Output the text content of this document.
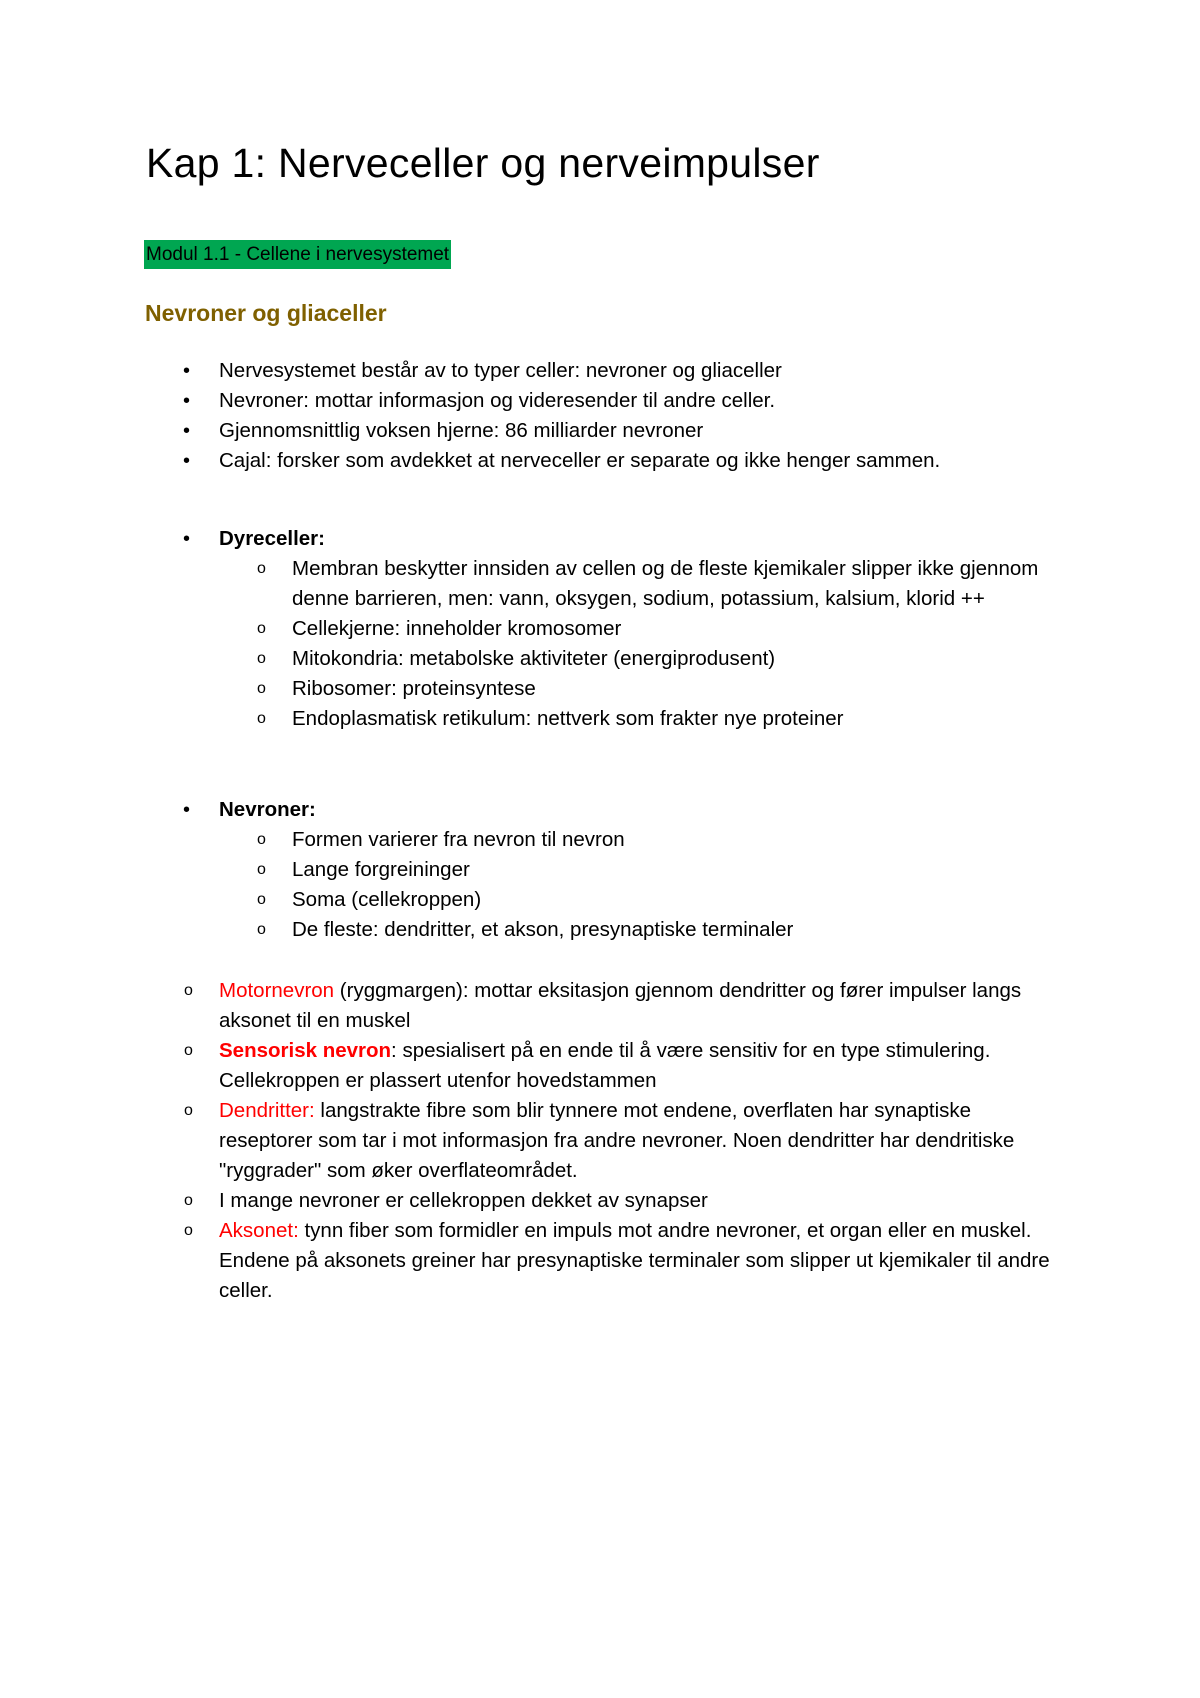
Kap 1: Nerveceller og nerveimpulser
Modul 1.1 - Cellene i nervesystemet
Nevroner og gliaceller
• Nervesystemet består av to typer celler: nevroner og gliaceller
• Nevroner: mottar informasjon og videresender til andre celler.
• Gjennomsnittlig voksen hjerne: 86 milliarder nevroner
• Cajal: forsker som avdekket at nerveceller er separate og ikke henger sammen.
• Dyreceller:
o Membran beskytter innsiden av cellen og de fleste kjemikaler slipper ikke gjennom denne barrieren, men: vann, oksygen, sodium, potassium, kalsium, klorid ++
o Cellekjerne: inneholder kromosomer
o Mitokondria: metabolske aktiviteter (energiprodusent)
o Ribosomer: proteinsyntese
o Endoplasmatisk retikulum: nettverk som frakter nye proteiner
• Nevroner:
o Formen varierer fra nevron til nevron
o Lange forgreininger
o Soma (cellekroppen)
o De fleste: dendritter, et akson, presynaptiske terminaler
o Motornevron (ryggmargen): mottar eksitasjon gjennom dendritter og fører impulser langs aksonet til en muskel
o Sensorisk nevron: spesialisert på en ende til å være sensitiv for en type stimulering. Cellekroppen er plassert utenfor hovedstammen
o Dendritter: langstrakte fibre som blir tynnere mot endene, overflaten har synaptiske reseptorer som tar i mot informasjon fra andre nevroner. Noen dendritter har dendritiske "ryggrader" som øker overflateområdet.
o I mange nevroner er cellekroppen dekket av synapser
o Aksonet: tynn fiber som formidler en impuls mot andre nevroner, et organ eller en muskel. Endene på aksonets greiner har presynaptiske terminaler som slipper ut kjemikaler til andre celler.
